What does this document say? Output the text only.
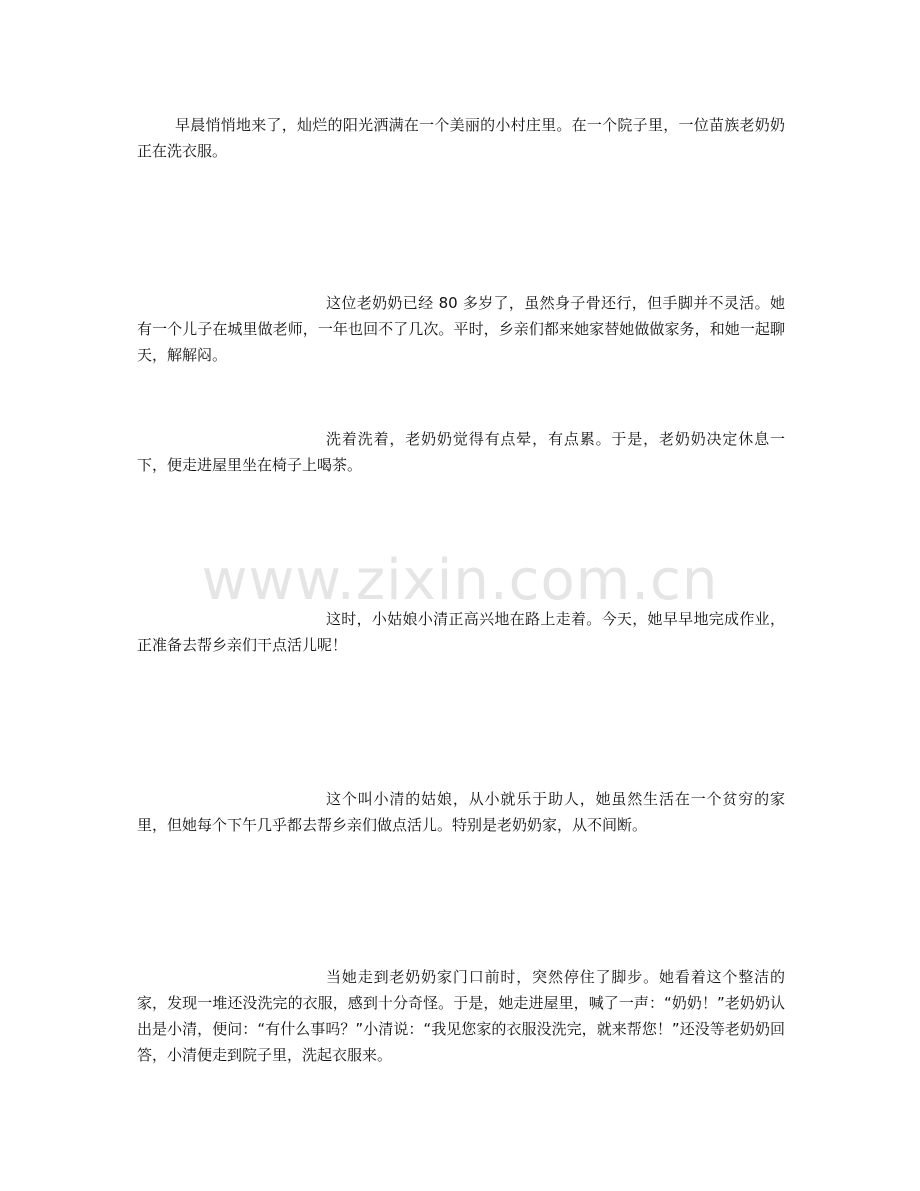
早晨悄悄地来了，灿烂的阳光洒满在一个美丽的小村庄里。在一个院子里，一位苗族老奶奶正在洗衣服。

这位老奶奶已经 80 多岁了，虽然身子骨还行，但手脚并不灵活。她有一个儿子在城里做老师，一年也回不了几次。平时，乡亲们都来她家替她做做家务，和她一起聊天，解解闷。

洗着洗着，老奶奶觉得有点晕，有点累。于是，老奶奶决定休息一下，便走进屋里坐在椅子上喝茶。

这时，小姑娘小清正高兴地在路上走着。今天，她早早地完成作业，正准备去帮乡亲们干点活儿呢！

这个叫小清的姑娘，从小就乐于助人，她虽然生活在一个贫穷的家里，但她每个下午几乎都去帮乡亲们做点活儿。特别是老奶奶家，从不间断。

当她走到老奶奶家门口前时，突然停住了脚步。她看着这个整洁的家，发现一堆还没洗完的衣服，感到十分奇怪。于是，她走进屋里，喊了一声：“奶奶！”老奶奶认出是小清，便问：“有什么事吗？”小清说：“我见您家的衣服没洗完，就来帮您！”还没等老奶奶回答，小清便走到院子里，洗起衣服来。

www.zixin.com.cn
